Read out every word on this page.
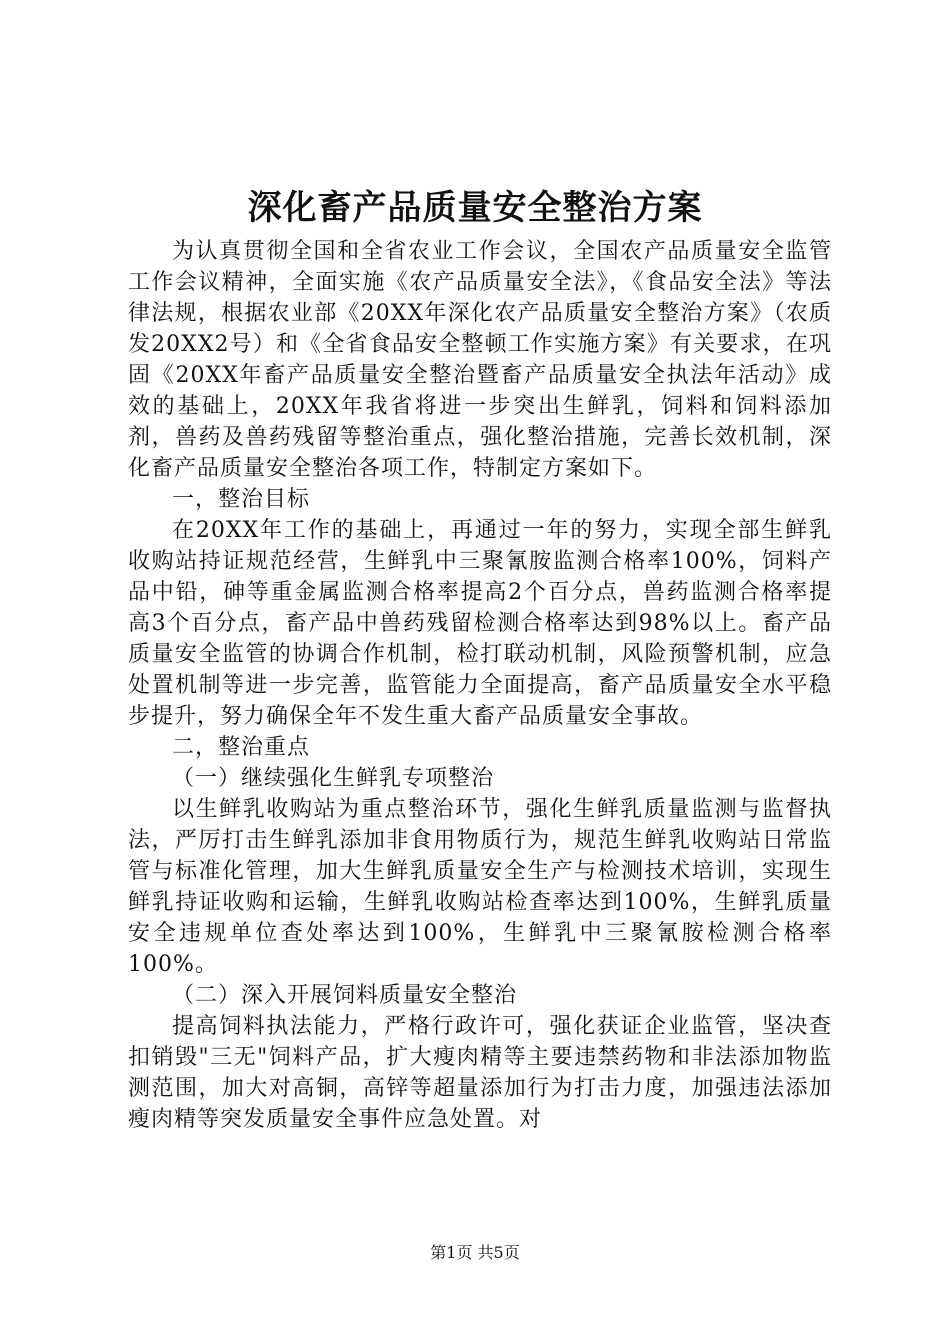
深化畜产品质量安全整治方案

为认真贯彻全国和全省农业工作会议，全国农产品质量安全监管工作会议精神，全面实施《农产品质量安全法》，《食品安全法》等法律法规，根据农业部《20XX年深化农产品质量安全整治方案》（农质发20XX2号）和《全省食品安全整顿工作实施方案》有关要求，在巩固《20XX年畜产品质量安全整治暨畜产品质量安全执法年活动》成效的基础上，20XX年我省将进一步突出生鲜乳，饲料和饲料添加剂，兽药及兽药残留等整治重点，强化整治措施，完善长效机制，深化畜产品质量安全整治各项工作，特制定方案如下。

一，整治目标

在20XX年工作的基础上，再通过一年的努力，实现全部生鲜乳收购站持证规范经营，生鲜乳中三聚氰胺监测合格率100%，饲料产品中铅，砷等重金属监测合格率提高2个百分点，兽药监测合格率提高3个百分点，畜产品中兽药残留检测合格率达到98%以上。畜产品质量安全监管的协调合作机制，检打联动机制，风险预警机制，应急处置机制等进一步完善，监管能力全面提高，畜产品质量安全水平稳步提升，努力确保全年不发生重大畜产品质量安全事故。

二，整治重点

（一）继续强化生鲜乳专项整治

以生鲜乳收购站为重点整治环节，强化生鲜乳质量监测与监督执法，严厉打击生鲜乳添加非食用物质行为，规范生鲜乳收购站日常监管与标准化管理，加大生鲜乳质量安全生产与检测技术培训，实现生鲜乳持证收购和运输，生鲜乳收购站检查率达到100%，生鲜乳质量安全违规单位查处率达到100%，生鲜乳中三聚氰胺检测合格率100%。

（二）深入开展饲料质量安全整治

提高饲料执法能力，严格行政许可，强化获证企业监管，坚决查扣销毁"三无"饲料产品，扩大瘦肉精等主要违禁药物和非法添加物监测范围，加大对高铜，高锌等超量添加行为打击力度，加强违法添加瘦肉精等突发质量安全事件应急处置。对

第1页 共5页
